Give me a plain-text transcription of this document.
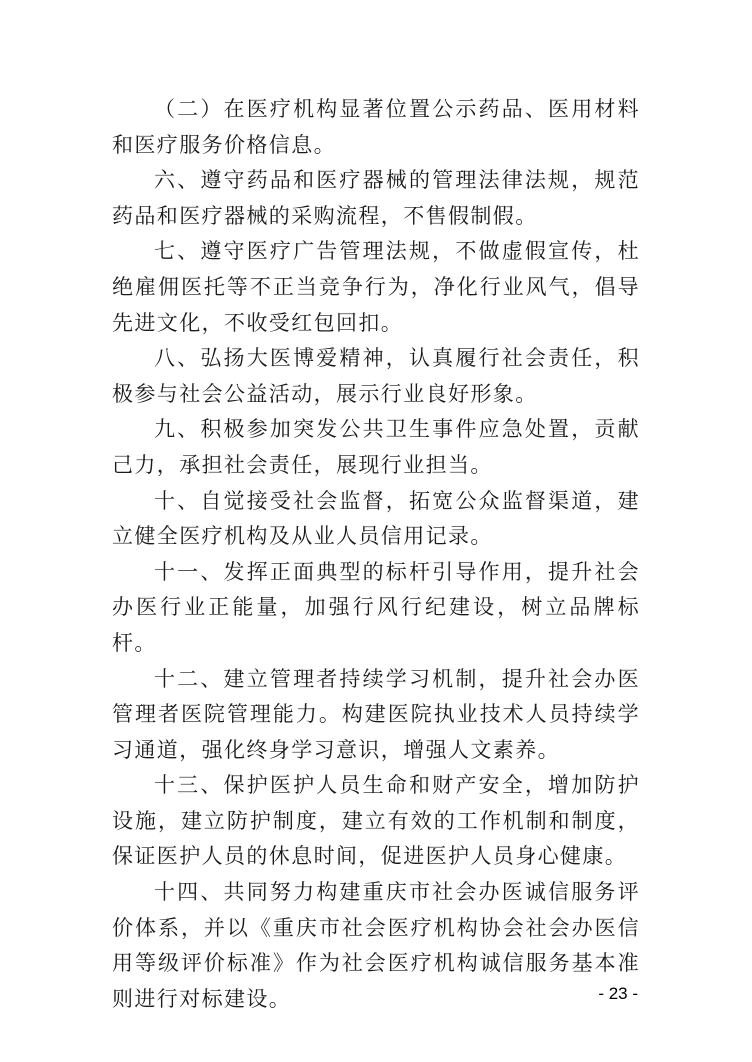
（二）在医疗机构显著位置公示药品、医用材料和医疗服务价格信息。

六、遵守药品和医疗器械的管理法律法规，规范药品和医疗器械的采购流程，不售假制假。

七、遵守医疗广告管理法规，不做虚假宣传，杜绝雇佣医托等不正当竞争行为，净化行业风气，倡导先进文化，不收受红包回扣。

八、弘扬大医博爱精神，认真履行社会责任，积极参与社会公益活动，展示行业良好形象。

九、积极参加突发公共卫生事件应急处置，贡献己力，承担社会责任，展现行业担当。

十、自觉接受社会监督，拓宽公众监督渠道，建立健全医疗机构及从业人员信用记录。

十一、发挥正面典型的标杆引导作用，提升社会办医行业正能量，加强行风行纪建设，树立品牌标杆。

十二、建立管理者持续学习机制，提升社会办医管理者医院管理能力。构建医院执业技术人员持续学习通道，强化终身学习意识，增强人文素养。

十三、保护医护人员生命和财产安全，增加防护设施，建立防护制度，建立有效的工作机制和制度， 保证医护人员的休息时间，促进医护人员身心健康。

十四、共同努力构建重庆市社会办医诚信服务评价体系，并以《重庆市社会医疗机构协会社会办医信用等级评价标准》作为社会医疗机构诚信服务基本准则进行对标建设。	- 23 -
